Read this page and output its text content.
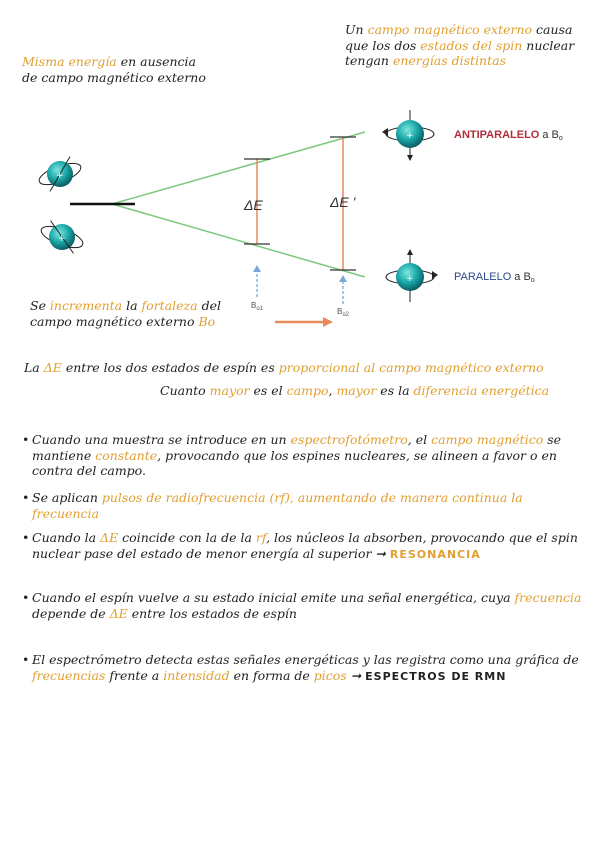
Misma energía en ausencia
de campo magnético externo
Un campo magnético externo causa que los dos estados del spin nuclear tengan energías distintas
ΔE	ΔE '
$B_{o1}$	$B_{o2}$
+
+
+	ANTIPARALELO a Bo
+	PARALELO a Bo
Se incrementa la fortaleza del campo magnético externo Bo
La ΔE entre los dos estados de espín es proporcional al campo magnético externo
Cuanto mayor es el campo, mayor es la diferencia energética
• Cuando una muestra se introduce en un espectrofotómetro, el campo magnético se mantiene constante, provocando que los espines nucleares, se alineen a favor o en contra del campo.
• Se aplican pulsos de radiofrecuencia (rf), aumentando de manera continua la frecuencia
• Cuando la ΔE coincide con la de la rf, los núcleos la absorben, provocando que el spin nuclear pase del estado de menor energía al superior ➞ RESONANCIA
• Cuando el espín vuelve a su estado inicial emite una señal energética, cuya frecuencia depende de ΔE entre los estados de espín
• El espectrómetro detecta estas señales energéticas y las registra como una gráfica de frecuencias frente a intensidad en forma de picos ➞ ESPECTROS DE RMN
